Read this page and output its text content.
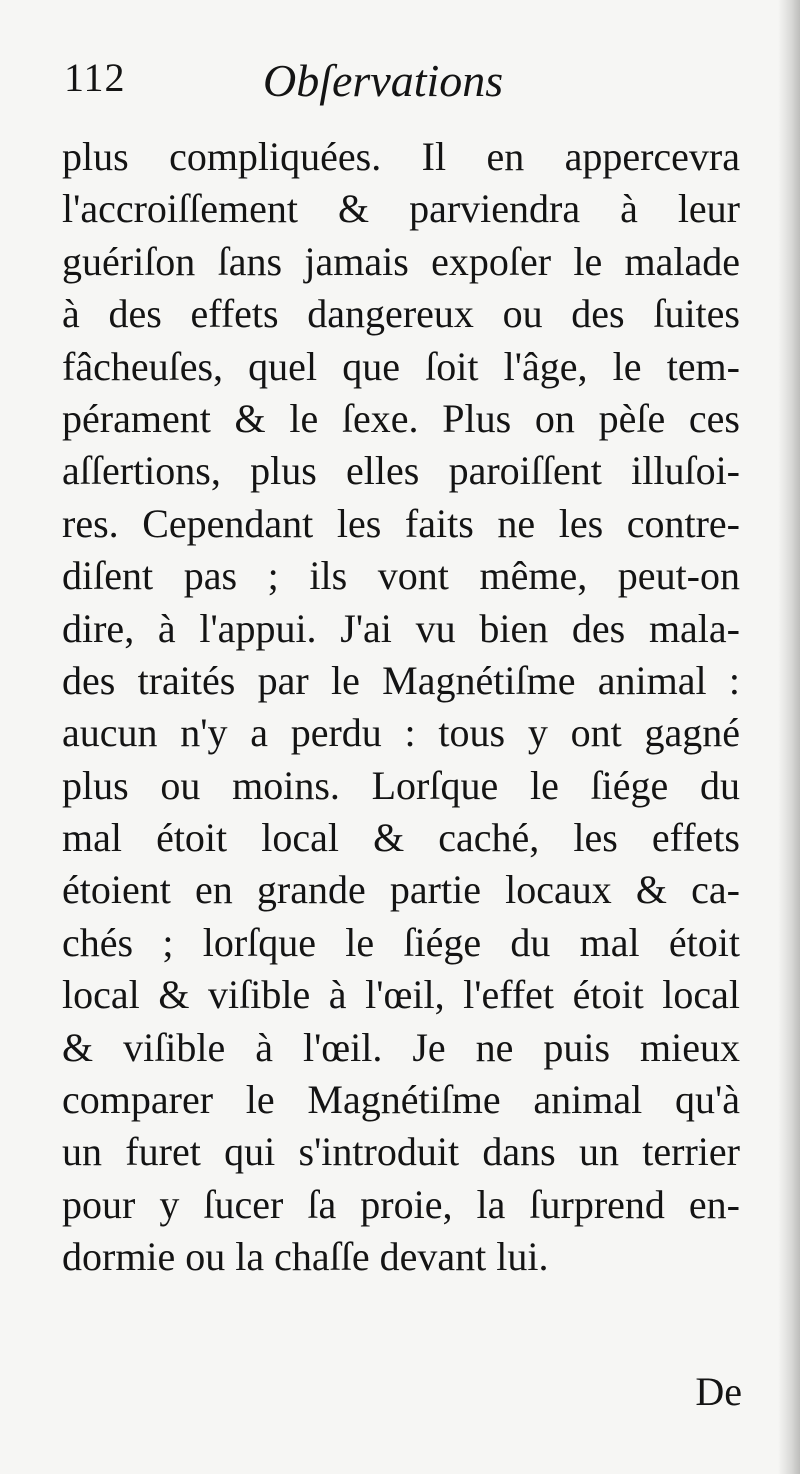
112	Obſervations
plus compliquées. Il en appercevra
l'accroiſſement & parviendra à leur
guériſon ſans jamais expoſer le malade
à des effets dangereux ou des ſuites
fâcheuſes, quel que ſoit l'âge, le tem-
pérament & le ſexe. Plus on pèſe ces
aſſertions, plus elles paroiſſent illuſoi-
res. Cependant les faits ne les contre-
diſent pas ; ils vont même, peut-on
dire, à l'appui. J'ai vu bien des mala-
des traités par le Magnétiſme animal :
aucun n'y a perdu : tous y ont gagné
plus ou moins. Lorſque le ſiége du
mal étoit local & caché, les effets
étoient en grande partie locaux & ca-
chés ; lorſque le ſiége du mal étoit
local & viſible à l'œil, l'effet étoit local
& viſible à l'œil. Je ne puis mieux
comparer le Magnétiſme animal qu'à
un furet qui s'introduit dans un terrier
pour y ſucer ſa proie, la ſurprend en-
dormie ou la chaſſe devant lui.
De
